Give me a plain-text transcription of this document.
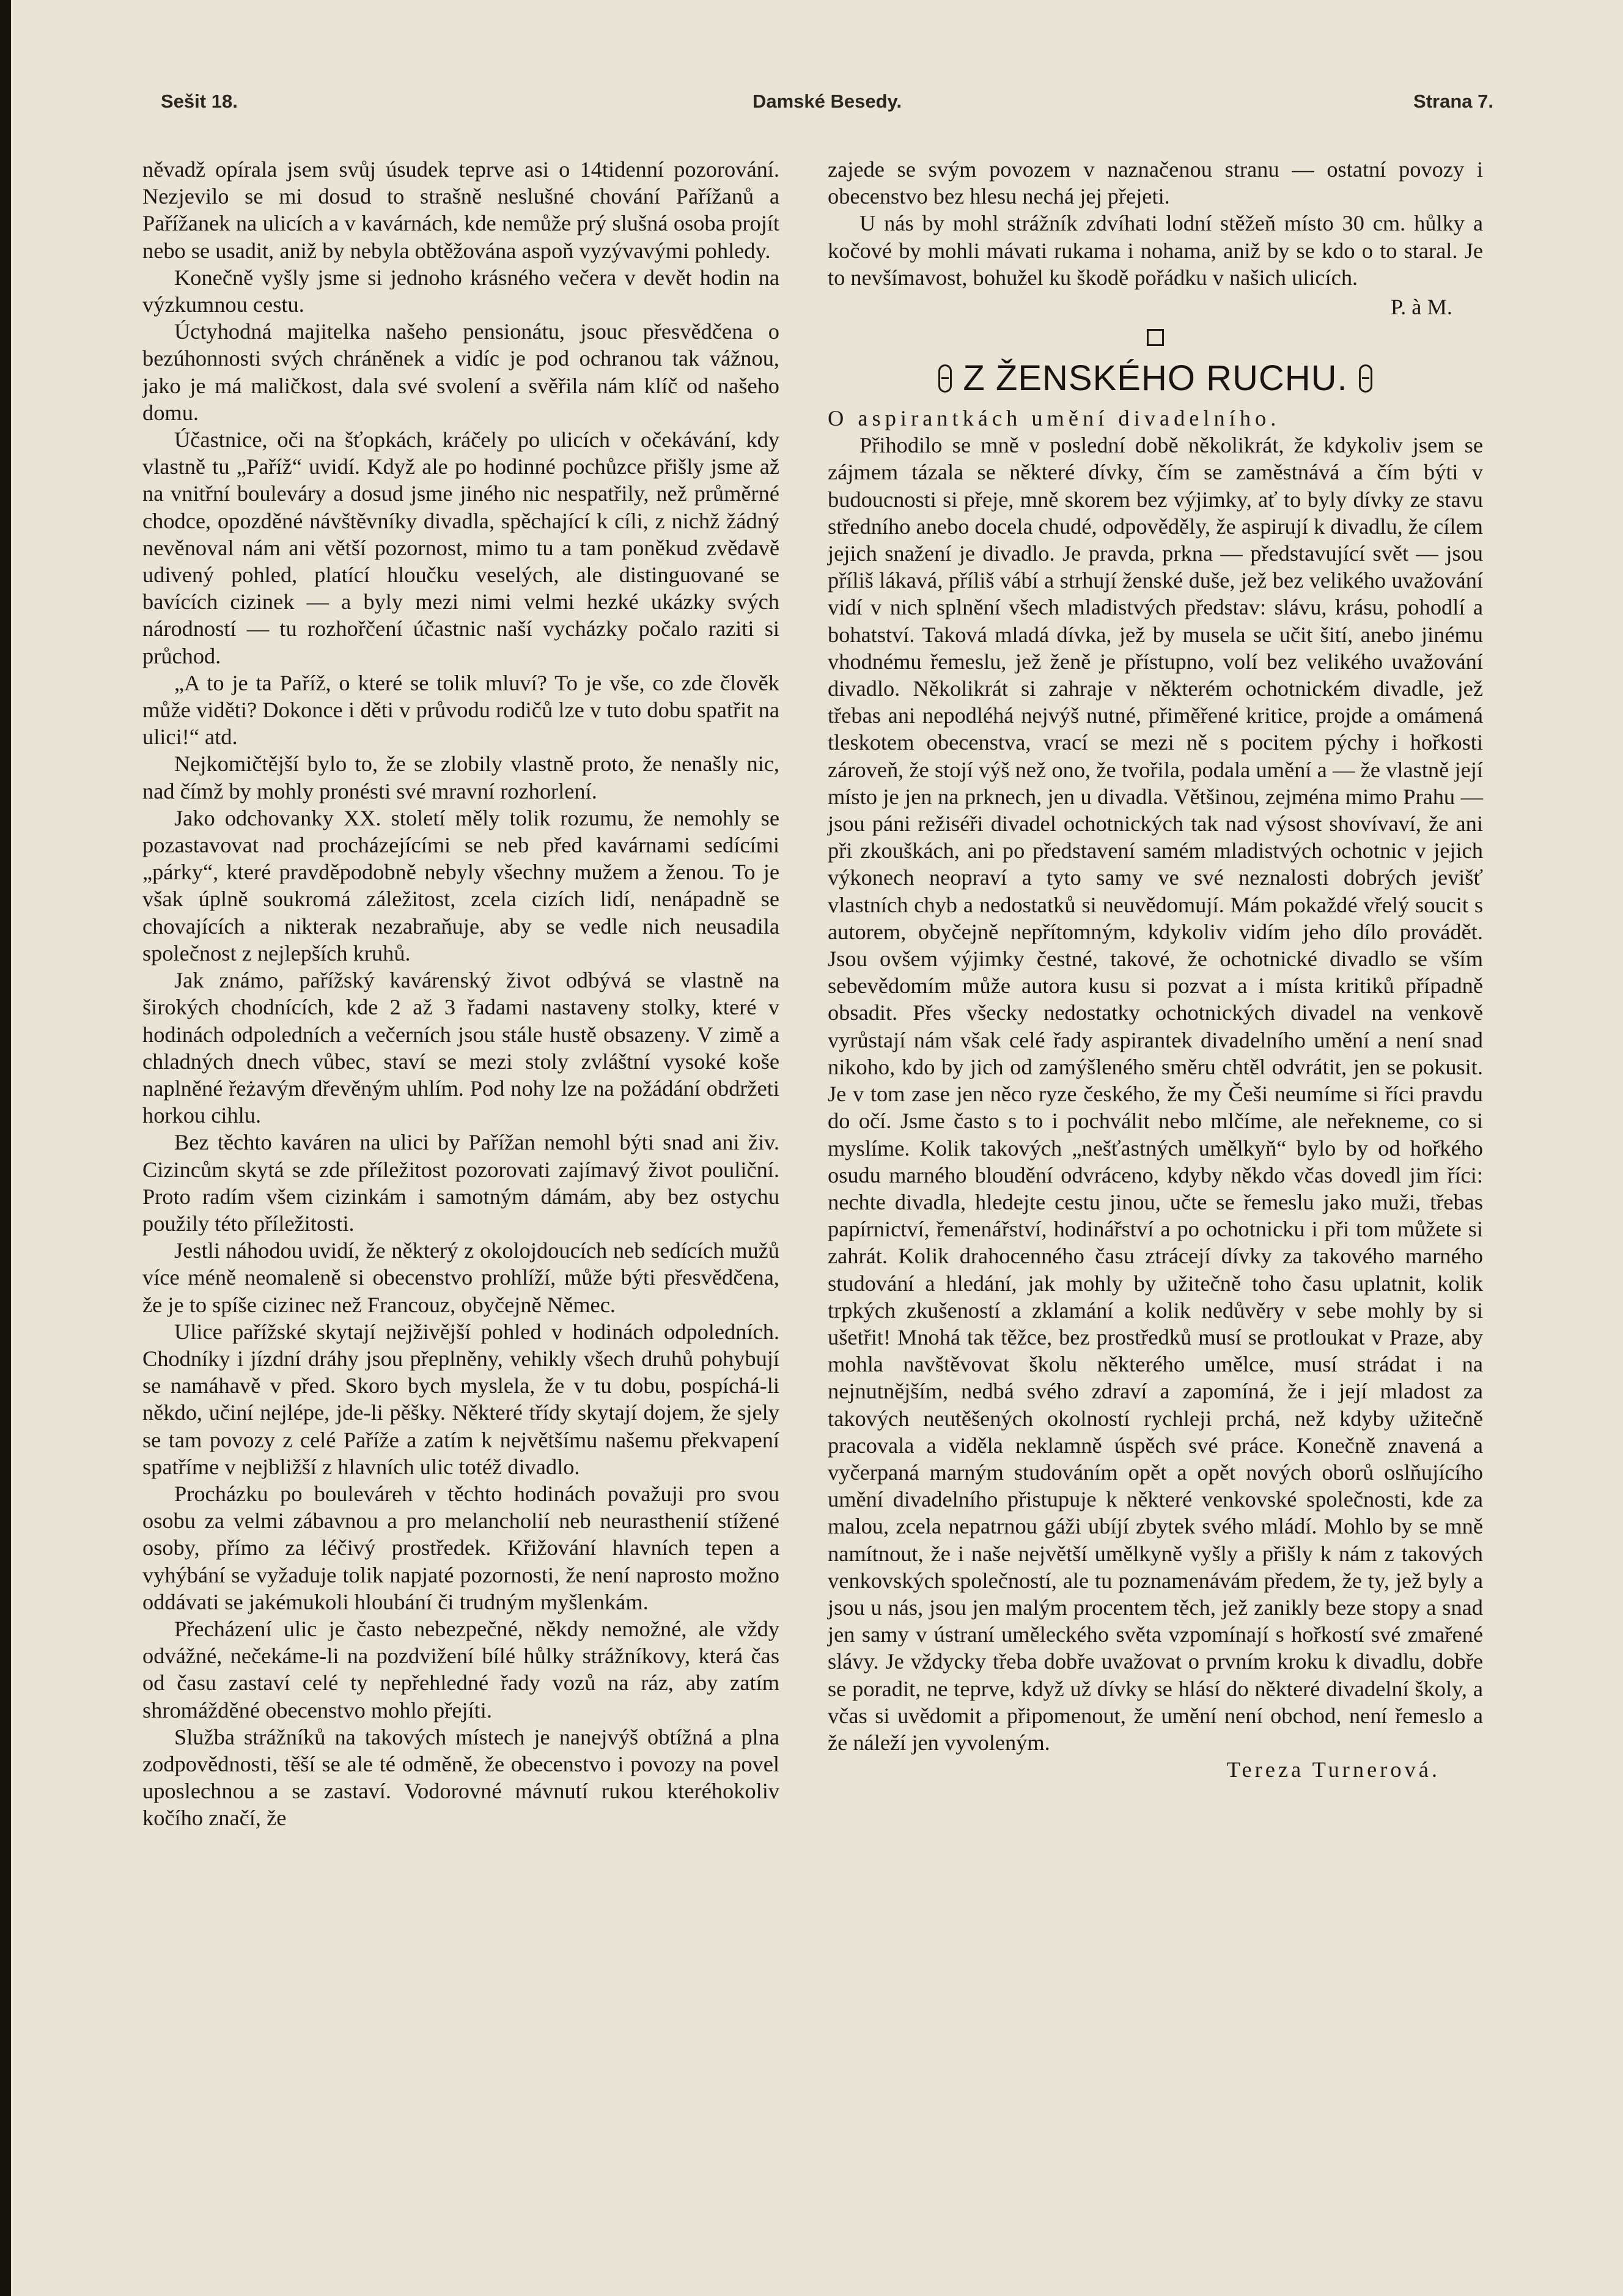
Sešit 18.	Damské Besedy.	Strana 7.

něvadž opírala jsem svůj úsudek teprve asi o 14tidenní pozorování. Nezjevilo se mi dosud to strašně neslušné chování Pařížanů a Pařížanek na ulicích a v kavárnách, kde nemůže prý slušná osoba projít nebo se usadit, aniž by nebyla obtěžována aspoň vyzývavými pohledy.

Konečně vyšly jsme si jednoho krásného večera v devět hodin na výzkumnou cestu.

Úctyhodná majitelka našeho pensionátu, jsouc přesvědčena o bezúhonnosti svých chráněnek a vidíc je pod ochranou tak vážnou, jako je má maličkost, dala své svolení a svěřila nám klíč od našeho domu.

Účastnice, oči na šťopkách, kráčely po ulicích v očekávání, kdy vlastně tu „Paříž“ uvidí. Když ale po hodinné pochůzce přišly jsme až na vnitřní bouleváry a dosud jsme jiného nic nespatřily, než průměrné chodce, opozděné návštěvníky divadla, spěchající k cíli, z nichž žádný nevěnoval nám ani větší pozornost, mimo tu a tam poněkud zvědavě udivený pohled, platící hloučku veselých, ale distinguované se bavících cizinek — a byly mezi nimi velmi hezké ukázky svých národností — tu rozhořčení účastnic naší vycházky počalo raziti si průchod.

„A to je ta Paříž, o které se tolik mluví? To je vše, co zde člověk může viděti? Dokonce i děti v průvodu rodičů lze v tuto dobu spatřit na ulici!“ atd.

Nejkomičtější bylo to, že se zlobily vlastně proto, že nenašly nic, nad čímž by mohly pronésti své mravní rozhorlení.

Jako odchovanky XX. století měly tolik rozumu, že nemohly se pozastavovat nad procházejícími se neb před kavárnami sedícími „párky“, které pravděpodobně nebyly všechny mužem a ženou. To je však úplně soukromá záležitost, zcela cizích lidí, nenápadně se chovajících a nikterak nezabraňuje, aby se vedle nich neusadila společnost z nejlepších kruhů.

Jak známo, pařížský kavárenský život odbývá se vlastně na širokých chodnících, kde 2 až 3 řadami nastaveny stolky, které v hodinách odpoledních a večerních jsou stále hustě obsazeny. V zimě a chladných dnech vůbec, staví se mezi stoly zvláštní vysoké koše naplněné řeżavým dřevěným uhlím. Pod nohy lze na požádání obdržeti horkou cihlu.

Bez těchto kaváren na ulici by Pařížan nemohl býti snad ani živ. Cizincům skytá se zde příležitost pozorovati zajímavý život pouliční. Proto radím všem cizinkám i samotným dámám, aby bez ostychu použily této příležitosti.

Jestli náhodou uvidí, že některý z okolojdoucích neb sedících mužů více méně neomaleně si obecenstvo prohlíží, může býti přesvědčena, že je to spíše cizinec než Francouz, obyčejně Němec.

Ulice pařížské skytají nejživější pohled v hodinách odpoledních. Chodníky i jízdní dráhy jsou přeplněny, vehikly všech druhů pohybují se namáhavě v před. Skoro bych myslela, že v tu dobu, pospíchá-li někdo, učiní nejlépe, jde-li pěšky. Některé třídy skytají dojem, že sjely se tam povozy z celé Paříže a zatím k největšímu našemu překvapení spatříme v nejbližší z hlavních ulic totéž divadlo.

Procházku po bouleváreh v těchto hodinách považuji pro svou osobu za velmi zábavnou a pro melancholií neb neurasthenií stížené osoby, přímo za léčivý prostředek. Křižování hlavních tepen a vyhýbání se vyžaduje tolik napjaté pozornosti, že není naprosto možno oddávati se jakémukoli hloubání či trudným myšlenkám.

Přecházení ulic je často nebezpečné, někdy nemožné, ale vždy odvážné, nečekáme-li na pozdvižení bílé hůlky strážníkovy, která čas od času zastaví celé ty nepřehledné řady vozů na ráz, aby zatím shromážděné obecenstvo mohlo přejíti.

Služba strážníků na takových místech je nanejvýš obtížná a plna zodpovědnosti, těší se ale té odměně, že obecenstvo i povozy na povel uposlechnou a se zastaví. Vodorovné mávnutí rukou kteréhokoliv kočího značí, že

zajede se svým povozem v naznačenou stranu — ostatní povozy i obecenstvo bez hlesu nechá jej přejeti.

U nás by mohl strážník zdvíhati lodní stěžeň místo 30 cm. hůlky a kočové by mohli mávati rukama i nohama, aniž by se kdo o to staral. Je to nevšímavost, bohužel ku škodě pořádku v našich ulicích.

P. à M.
Z ŽENSKÉHO RUCHU.

O aspirantkách umění divadelního.

Přihodilo se mně v poslední době několikrát, že kdykoliv jsem se zájmem tázala se některé dívky, čím se zaměstnává a čím býti v budoucnosti si přeje, mně skorem bez výjimky, ať to byly dívky ze stavu středního anebo docela chudé, odpověděly, že aspirují k divadlu, že cílem jejich snažení je divadlo. Je pravda, prkna — představující svět — jsou příliš lákavá, příliš vábí a strhují ženské duše, jež bez velikého uvažování vidí v nich splnění všech mladistvých představ: slávu, krásu, pohodlí a bohatství. Taková mladá dívka, jež by musela se učit šití, anebo jinému vhodnému řemeslu, jež ženě je přístupno, volí bez velikého uvažování divadlo. Několikrát si zahraje v některém ochotnickém divadle, jež třebas ani nepodléhá nejvýš nutné, přiměřené kritice, projde a omámená tleskotem obecenstva, vrací se mezi ně s pocitem pýchy i hořkosti zároveň, že stojí výš než ono, že tvořila, podala umění a — že vlastně její místo je jen na prknech, jen u divadla. Většinou, zejména mimo Prahu — jsou páni režiséři divadel ochotnických tak nad výsost shovívaví, že ani při zkouškách, ani po představení samém mladistvých ochotnic v jejich výkonech neopraví a tyto samy ve své neznalosti dobrých jevišť vlastních chyb a nedostatků si neuvědomují. Mám pokaždé vřelý soucit s autorem, obyčejně nepřítomným, kdykoliv vidím jeho dílo provádět. Jsou ovšem výjimky čestné, takové, že ochotnické divadlo se vším sebevědomím může autora kusu si pozvat a i místa kritiků případně obsadit. Přes všecky nedostatky ochotnických divadel na venkově vyrůstají nám však celé řady aspirantek divadelního umění a není snad nikoho, kdo by jich od zamýšleného směru chtěl odvrátit, jen se pokusit. Je v tom zase jen něco ryze českého, že my Češi neumíme si říci pravdu do očí. Jsme často s to i pochválit nebo mlčíme, ale neřekneme, co si myslíme. Kolik takových „nešťastných umělkyň“ bylo by od hořkého osudu marného bloudění odvráceno, kdyby někdo včas dovedl jim říci: nechte divadla, hledejte cestu jinou, učte se řemeslu jako muži, třebas papírnictví, řemenářství, hodinářství a po ochotnicku i při tom můžete si zahrát. Kolik drahocenného času ztrácejí dívky za takového marného studování a hledání, jak mohly by užitečně toho času uplatnit, kolik trpkých zkušeností a zklamání a kolik nedůvěry v sebe mohly by si ušetřit! Mnohá tak těžce, bez prostředků musí se protloukat v Praze, aby mohla navštěvovat školu některého umělce, musí strádat i na nejnutnějším, nedbá svého zdraví a zapomíná, že i její mladost za takových neutěšených okolností rychleji prchá, než kdyby užitečně pracovala a viděla neklamně úspěch své práce. Konečně znavená a vyčerpaná marným studováním opět a opět nových oborů oslňujícího umění divadelního přistupuje k některé venkovské společnosti, kde za malou, zcela nepatrnou gáži ubíjí zbytek svého mládí. Mohlo by se mně namítnout, že i naše největší umělkyně vyšly a přišly k nám z takových venkovských společností, ale tu poznamenávám předem, že ty, jež byly a jsou u nás, jsou jen malým procentem těch, jež zanikly beze stopy a snad jen samy v ústraní uměleckého světa vzpomínají s hořkostí své zmařené slávy. Je vždycky třeba dobře uvažovat o prvním kroku k divadlu, dobře se poradit, ne teprve, když už dívky se hlásí do některé divadelní školy, a včas si uvědomit a připomenout, že umění není obchod, není řemeslo a že náleží jen vyvoleným.

Tereza Turnerová.
